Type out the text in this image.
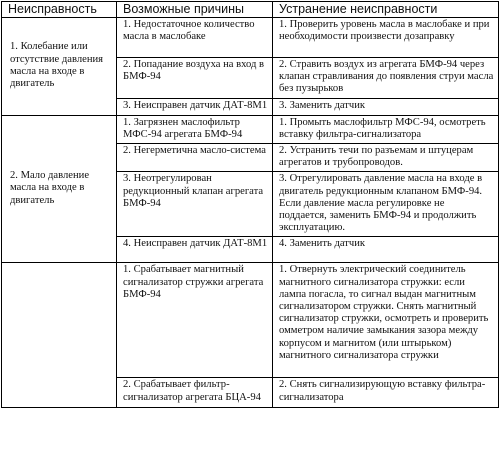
Неисправность	Возможные причины	Устранение неисправности
1. Колебание или отсутствие давления масла на входе в двигатель	1. Недостаточное количество масла в маслобаке	1. Проверить уровень масла в маслобаке и при необходимости произвести дозаправку
	2. Попадание воздуха на вход в БМФ-94	2. Стравить воздух из агрегата БМФ-94 через клапан стравливания до появления струи масла без пузырьков
	3. Неисправен датчик ДАТ-8М1	3. Заменить датчик
2. Мало давление масла на входе в двигатель	1. Загрязнен маслофильтр МФС-94 агрегата БМФ-94	1. Промыть маслофильтр МФС-94, осмотреть вставку фильтра-сигнализатора
	2. Негерметична масло-система	2. Устранить течи по разъемам и штуцерам агрегатов и трубопроводов.
	3. Неотрегулирован редукционный клапан агрегата БМФ-94	3. Отрегулировать давление масла на входе в двигатель редукционным клапаном БМФ-94. Если давление масла регулировке не поддается, заменить БМФ-94 и продолжить эксплуатацию.
	4. Неисправен датчик ДАТ-8М1	4. Заменить датчик
	1. Срабатывает магнитный сигнализатор стружки агрегата БМФ-94	1. Отвернуть электрический соединитель магнитного сигнализатора стружки: если лампа погасла, то сигнал выдан магнитным сигнализатором стружки. Снять магнитный сигнализатор стружки, осмотреть и проверить омметром наличие замыкания зазора между корпусом и магнитом (или штырьком) магнитного сигнализатора стружки
	2. Срабатывает фильтр-сигнализатор агрегата БЦА-94	2. Снять сигнализирующую вставку фильтра-сигнализатора
